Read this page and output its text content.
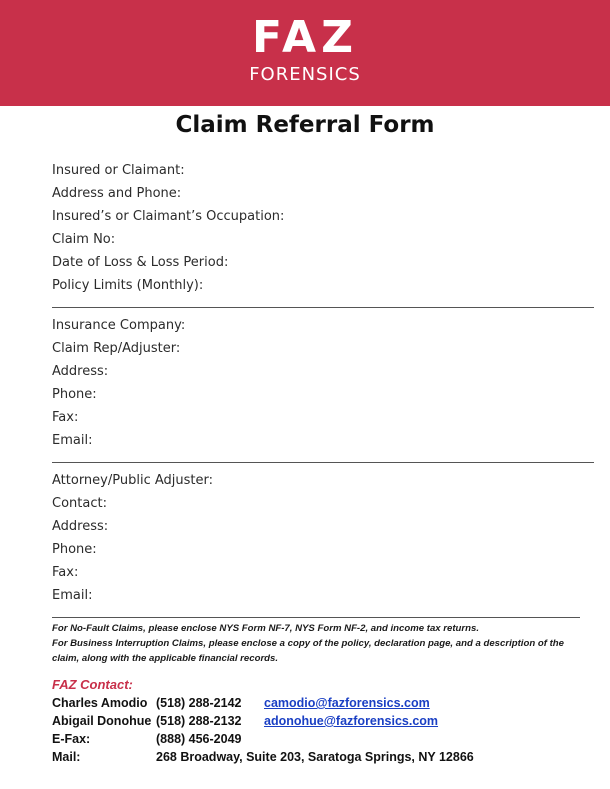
FAZ
FORENSICS
Claim Referral Form
Insured or Claimant:
Address and Phone:
Insured’s or Claimant’s Occupation:
Claim No:
Date of Loss & Loss Period:
Policy Limits (Monthly):
Insurance Company:
Claim Rep/Adjuster:
Address:
Phone:
Fax:
Email:
Attorney/Public Adjuster:
Contact:
Address:
Phone:
Fax:
Email:
For No-Fault Claims, please enclose NYS Form NF-7, NYS Form NF-2, and income tax returns.
For Business Interruption Claims, please enclose a copy of the policy, declaration page, and a description of the claim, along with the applicable financial records.
FAZ Contact:
Charles Amodio (518) 288-2142 camodio@fazforensics.com
Abigail Donohue (518) 288-2132 adonohue@fazforensics.com
E-Fax:	(888) 456-2049
Mail:	268 Broadway, Suite 203, Saratoga Springs, NY 12866
